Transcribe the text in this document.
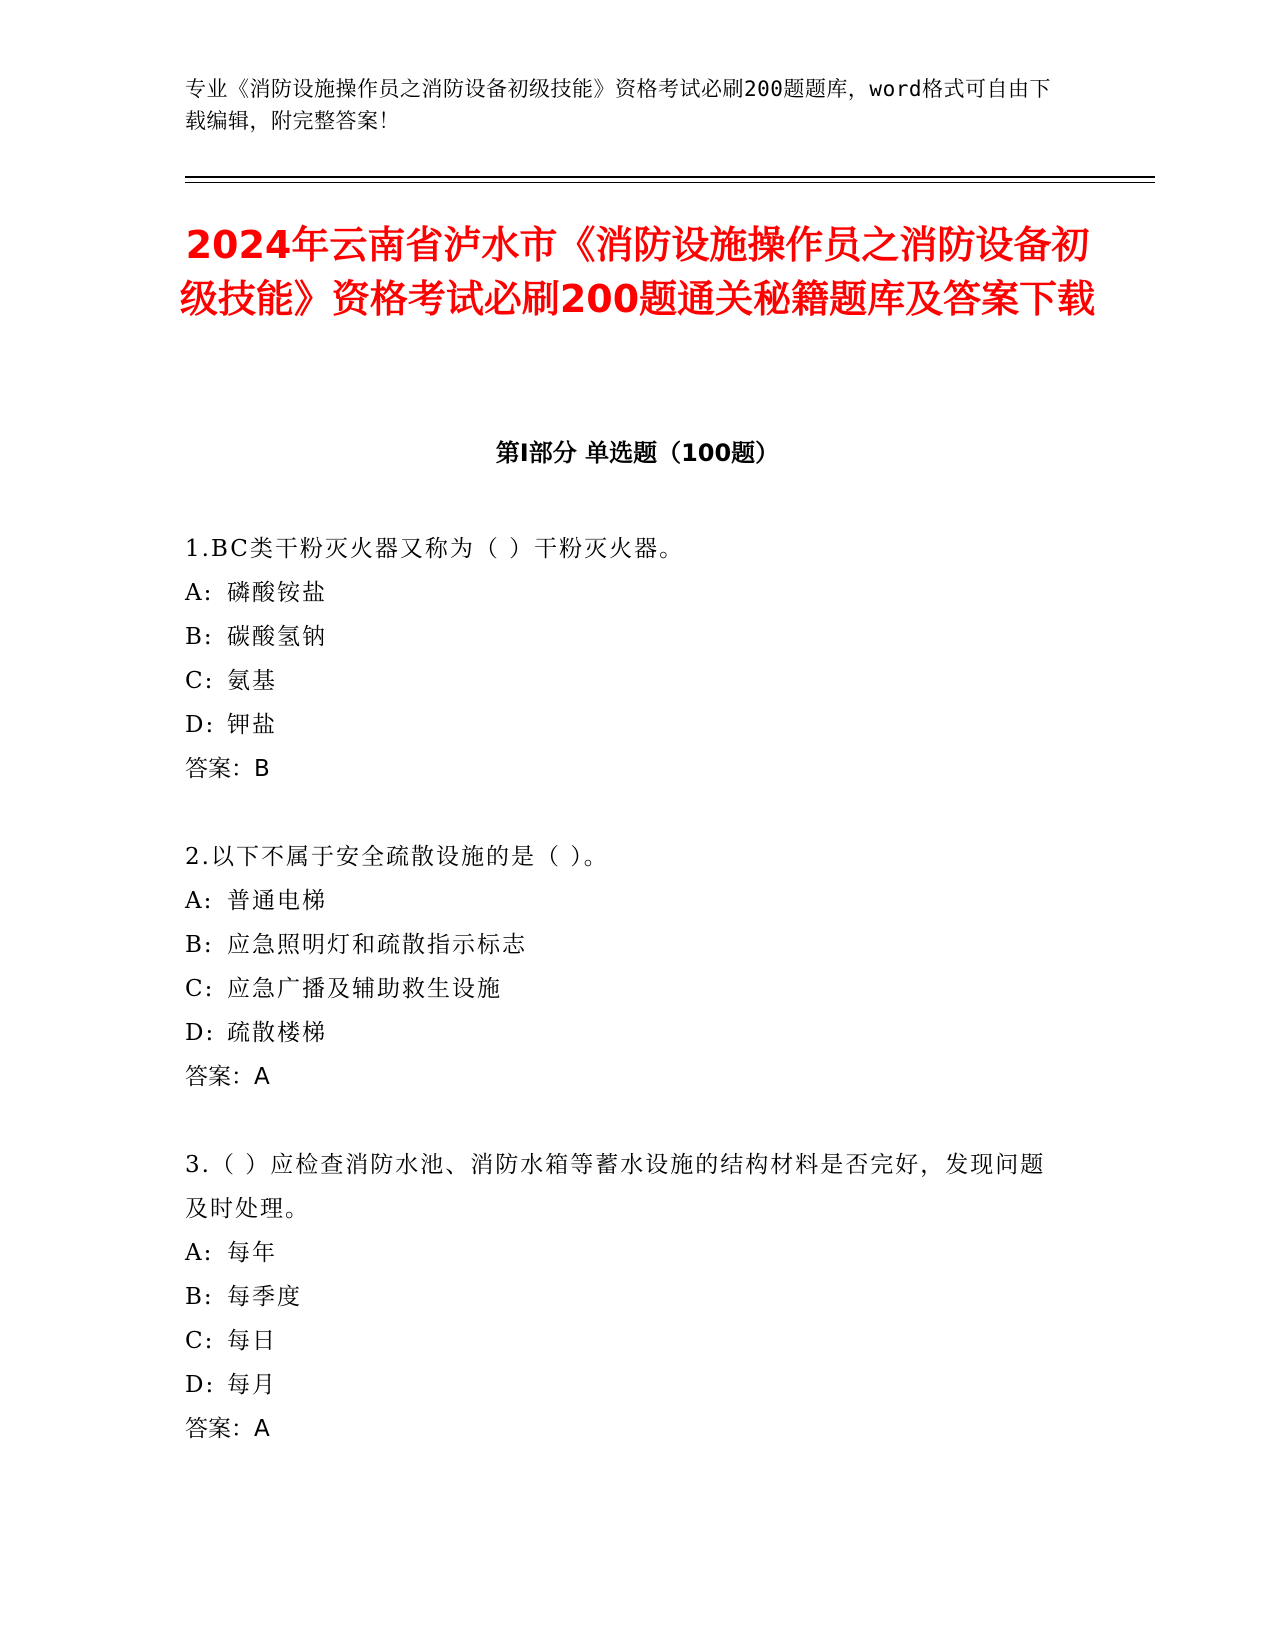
专业《消防设施操作员之消防设备初级技能》资格考试必刷200题题库，word格式可自由下载编辑，附完整答案！
2024年云南省泸水市《消防设施操作员之消防设备初级技能》资格考试必刷200题通关秘籍题库及答案下载
第I部分 单选题（100题）
1.BC类干粉灭火器又称为（ ）干粉灭火器。
A: 磷酸铵盐
B: 碳酸氢钠
C: 氨基
D: 钾盐
答案：B
2.以下不属于安全疏散设施的是（ ）。
A: 普通电梯
B: 应急照明灯和疏散指示标志
C: 应急广播及辅助救生设施
D: 疏散楼梯
答案：A
3.（ ）应检查消防水池、消防水箱等蓄水设施的结构材料是否完好，发现问题及时处理。
A: 每年
B: 每季度
C: 每日
D: 每月
答案：A
